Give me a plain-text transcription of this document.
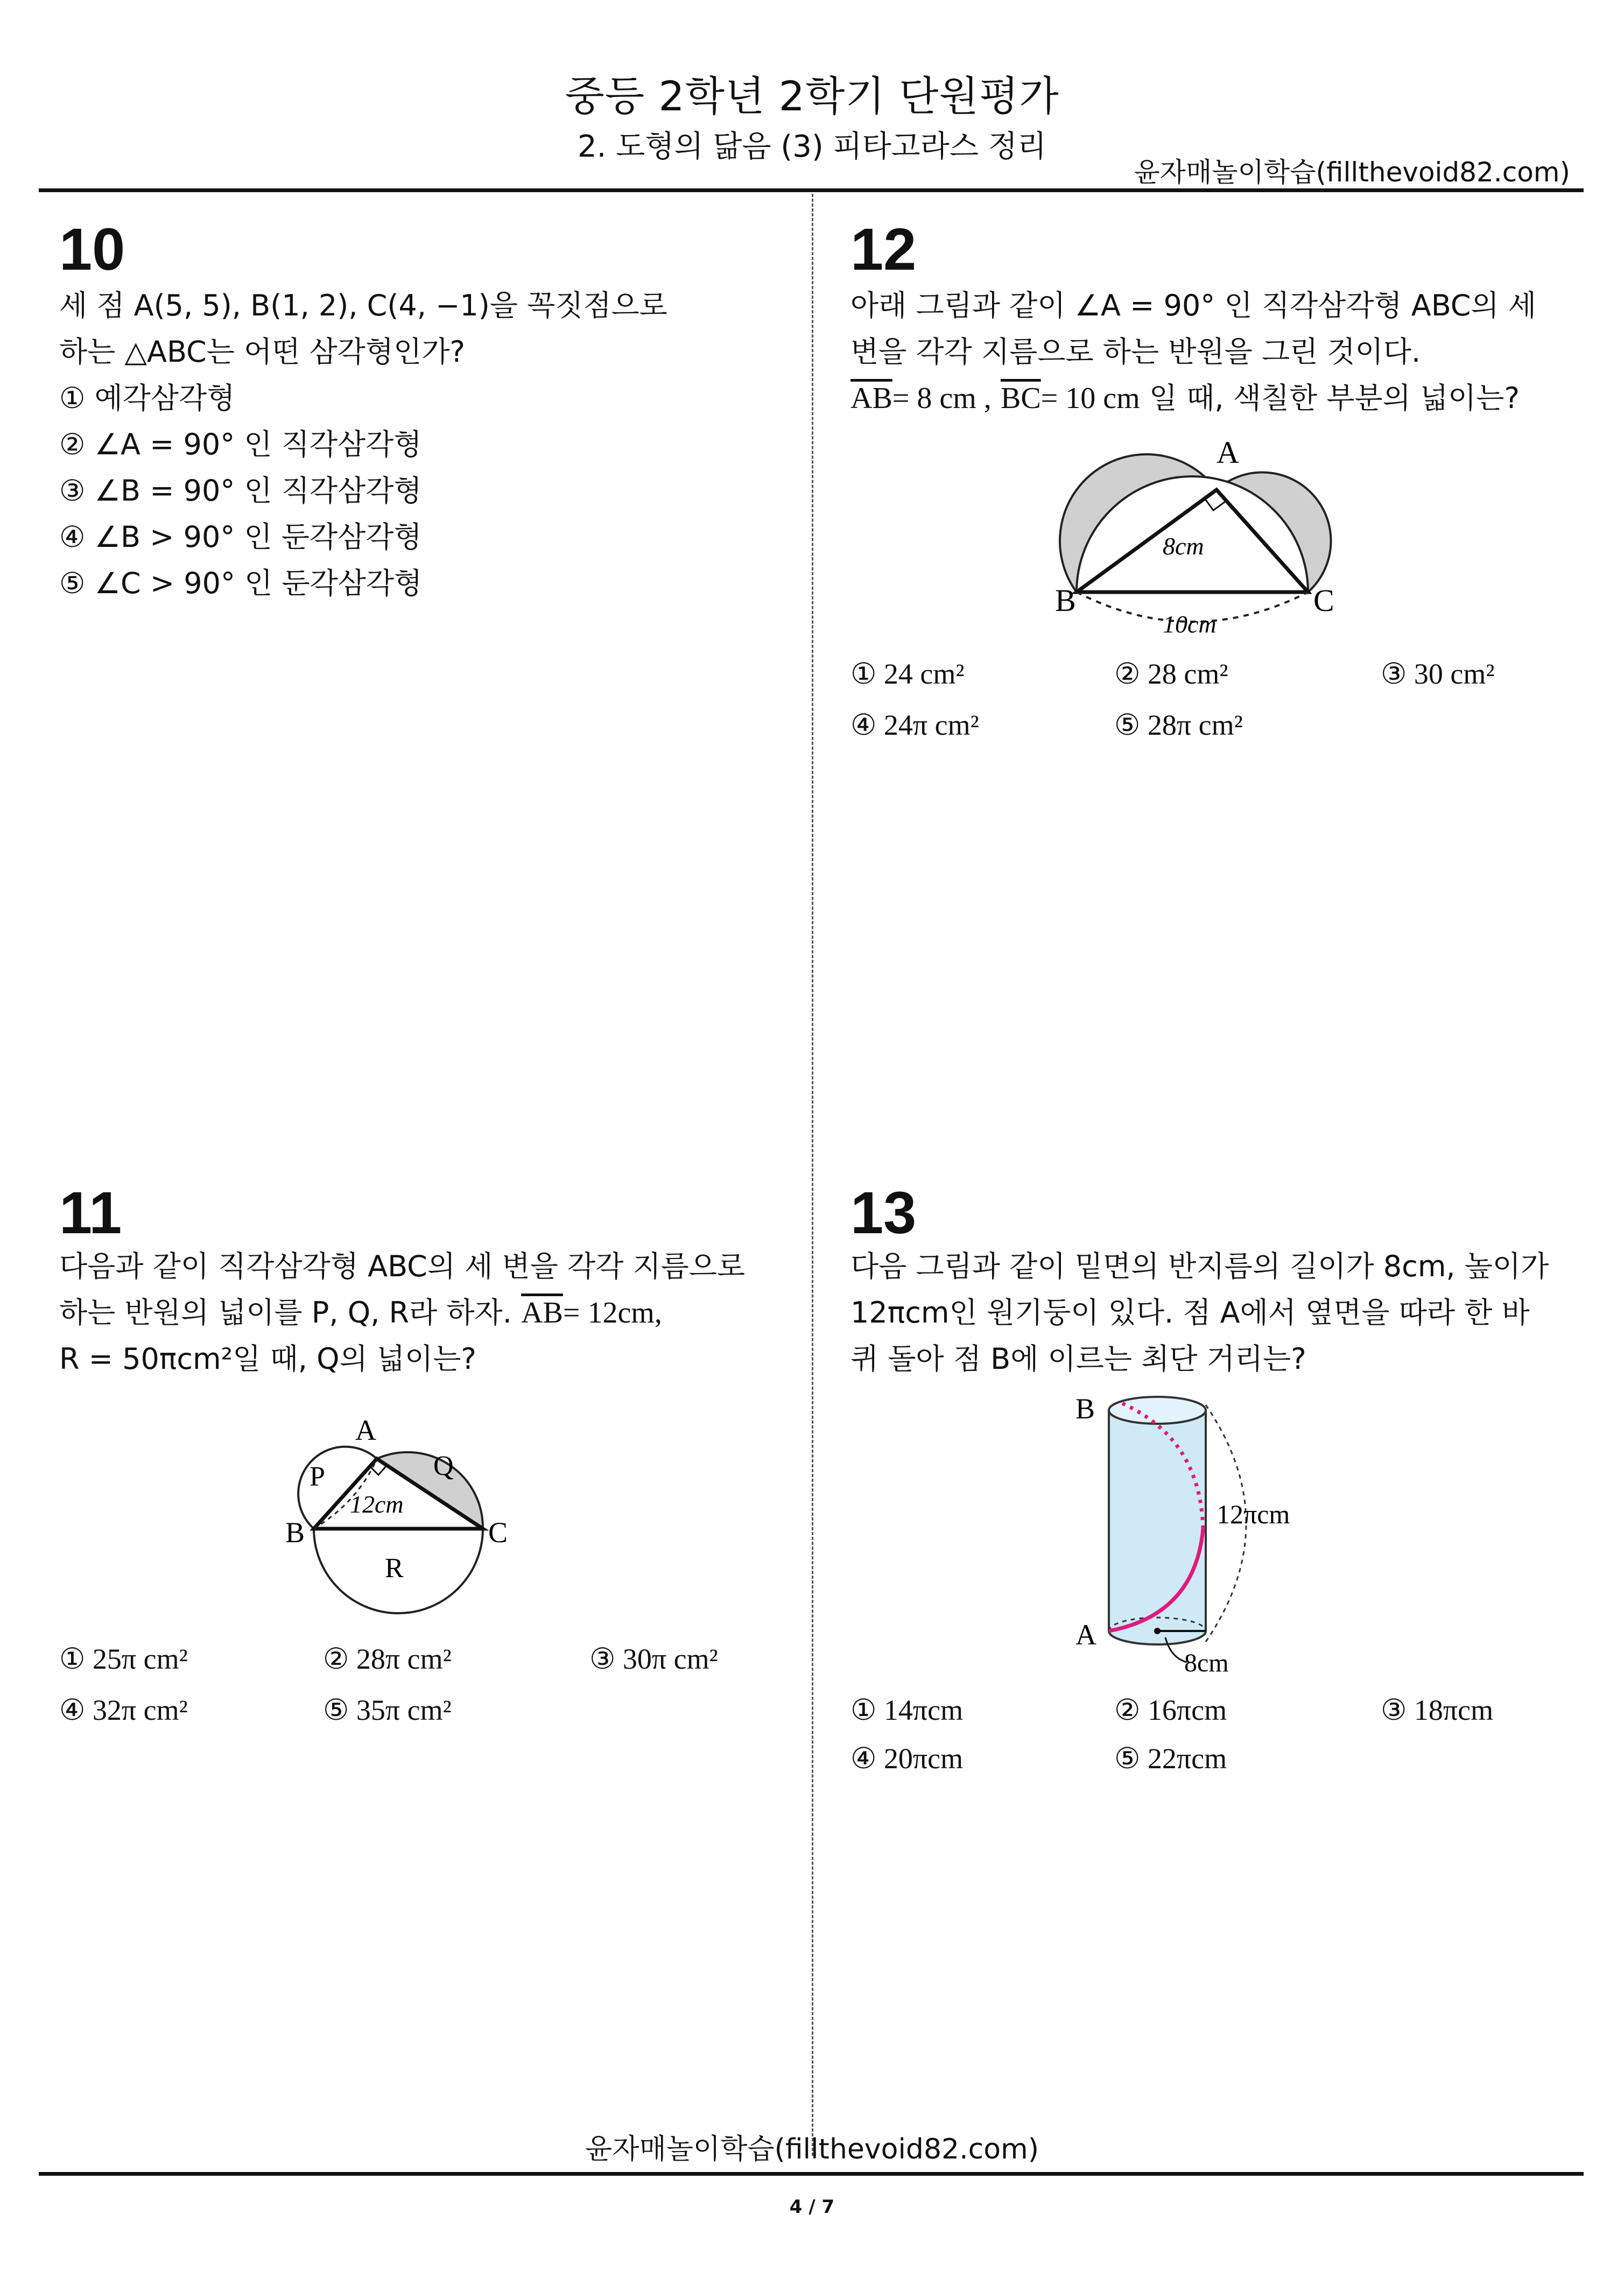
중등 2학년 2학기 단원평가
2. 도형의 닮음 (3) 피타고라스 정리
윤자매놀이학습(fillthevoid82.com)
10
세 점 A(5, 5), B(1, 2), C(4, −1)을 꼭짓점으로
하는 △ABC는 어떤 삼각형인가?
① 예각삼각형
② ∠A = 90° 인 직각삼각형
③ ∠B = 90° 인 직각삼각형
④ ∠B > 90° 인 둔각삼각형
⑤ ∠C > 90° 인 둔각삼각형
12
아래 그림과 같이 ∠A = 90° 인 직각삼각형 ABC의 세
변을 각각 지름으로 하는 반원을 그린 것이다.
$\overline{AB}= 8$ cm , $\overline{BC}= 10$ cm 일 때, 색칠한 부분의 넓이는?
A
B	C
8cm
10cm
① 24 cm²	② 28 cm²	③ 30 cm²
④ 24π cm²	⑤ 28π cm²
11
다음과 같이 직각삼각형 ABC의 세 변을 각각 지름으로
하는 반원의 넓이를 P, Q, R라 하자. $\overline{AB}= 12cm$,
R = 50πcm²일 때, Q의 넓이는?
A
B	C
P	Q
R
12cm
① 25π cm²	② 28π cm²	③ 30π cm²
④ 32π cm²	⑤ 35π cm²
13
다음 그림과 같이 밑면의 반지름의 길이가 8cm, 높이가
12πcm인 원기둥이 있다. 점 A에서 옆면을 따라 한 바
퀴 돌아 점 B에 이르는 최단 거리는?
B
A
12πcm
8cm
① 14πcm	② 16πcm	③ 18πcm
④ 20πcm	⑤ 22πcm
윤자매놀이학습(fillthevoid82.com)
4 / 7
